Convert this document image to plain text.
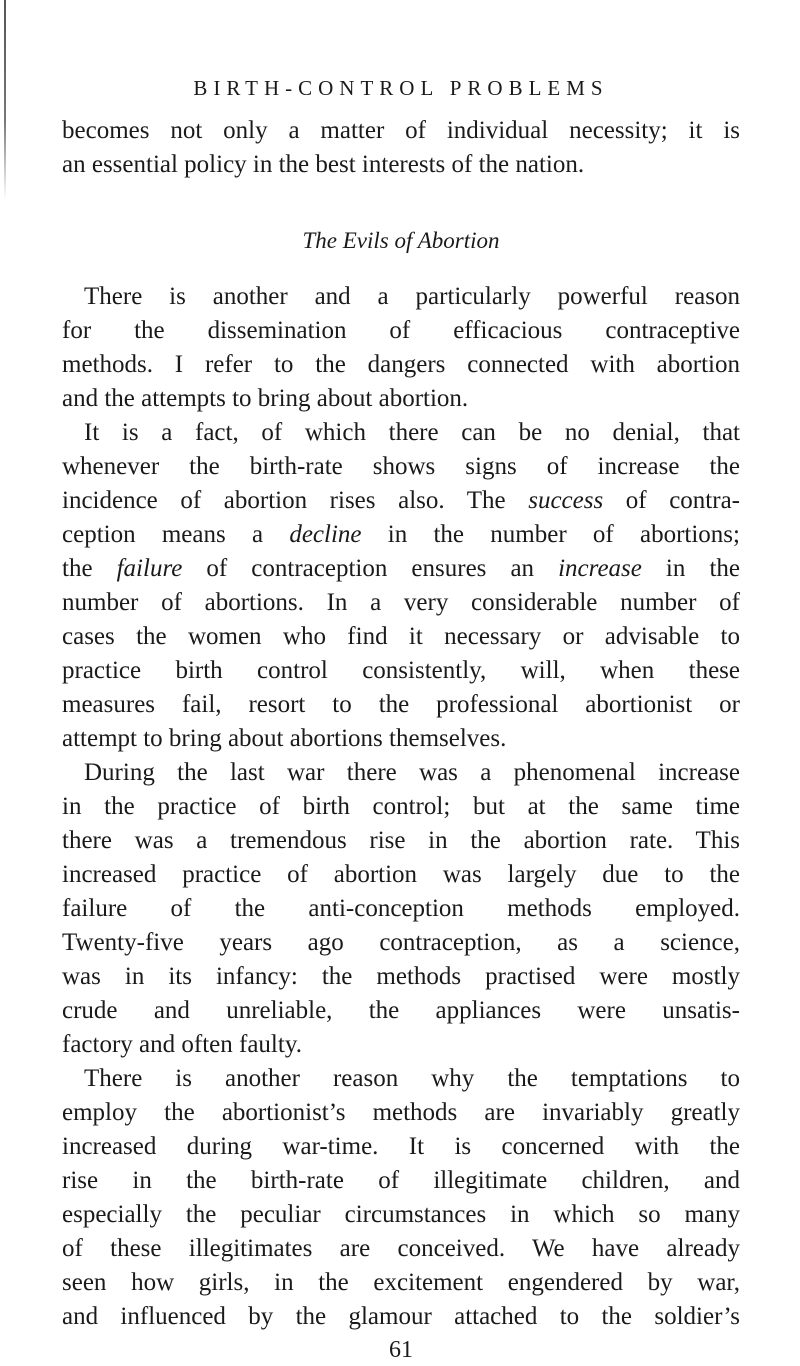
BIRTH-CONTROL PROBLEMS
becomes not only a matter of individual necessity; it is
an essential policy in the best interests of the nation.
The Evils of Abortion
There is another and a particularly powerful reason
for the dissemination of efficacious contraceptive
methods. I refer to the dangers connected with abortion
and the attempts to bring about abortion.
It is a fact, of which there can be no denial, that
whenever the birth-rate shows signs of increase the
incidence of abortion rises also. The success of contra-
ception means a decline in the number of abortions;
the failure of contraception ensures an increase in the
number of abortions. In a very considerable number of
cases the women who find it necessary or advisable to
practice birth control consistently, will, when these
measures fail, resort to the professional abortionist or
attempt to bring about abortions themselves.
During the last war there was a phenomenal increase
in the practice of birth control; but at the same time
there was a tremendous rise in the abortion rate. This
increased practice of abortion was largely due to the
failure of the anti-conception methods employed.
Twenty-five years ago contraception, as a science,
was in its infancy: the methods practised were mostly
crude and unreliable, the appliances were unsatis-
factory and often faulty.
There is another reason why the temptations to
employ the abortionist’s methods are invariably greatly
increased during war-time. It is concerned with the
rise in the birth-rate of illegitimate children, and
especially the peculiar circumstances in which so many
of these illegitimates are conceived. We have already
seen how girls, in the excitement engendered by war,
and influenced by the glamour attached to the soldier’s
61
